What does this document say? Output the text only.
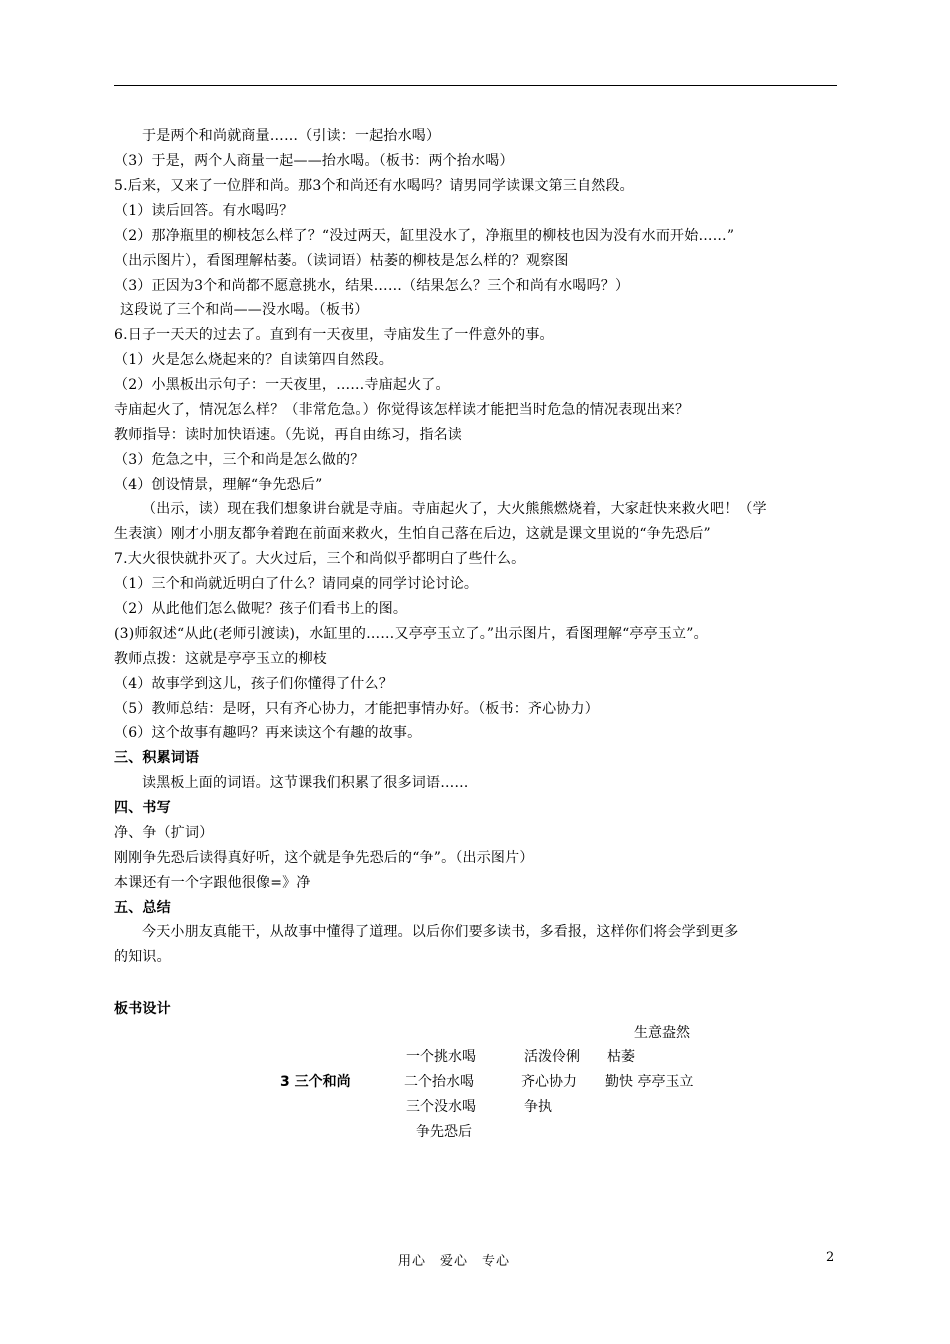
于是两个和尚就商量……（引读：一起抬水喝）
（3）于是，两个人商量一起——抬水喝。（板书：两个抬水喝）
5.后来，又来了一位胖和尚。那3个和尚还有水喝吗？请男同学读课文第三自然段。
（1）读后回答。有水喝吗？
（2）那净瓶里的柳枝怎么样了？“没过两天，缸里没水了，净瓶里的柳枝也因为没有水而开始……”
（出示图片），看图理解枯萎。（读词语）枯萎的柳枝是怎么样的？观察图
（3）正因为3个和尚都不愿意挑水，结果……（结果怎么？三个和尚有水喝吗？）
这段说了三个和尚——没水喝。（板书）
6.日子一天天的过去了。直到有一天夜里，寺庙发生了一件意外的事。
（1）火是怎么烧起来的？自读第四自然段。
（2）小黑板出示句子：一天夜里，……寺庙起火了。
寺庙起火了，情况怎么样？（非常危急。）你觉得该怎样读才能把当时危急的情况表现出来？
教师指导：读时加快语速。（先说，再自由练习，指名读
（3）危急之中，三个和尚是怎么做的？
（4）创设情景，理解“争先恐后”
（出示，读）现在我们想象讲台就是寺庙。寺庙起火了，大火熊熊燃烧着，大家赶快来救火吧！（学
生表演）刚才小朋友都争着跑在前面来救火，生怕自己落在后边，这就是课文里说的“争先恐后”
7.大火很快就扑灭了。大火过后，三个和尚似乎都明白了些什么。
（1）三个和尚就近明白了什么？请同桌的同学讨论讨论。
（2）从此他们怎么做呢？孩子们看书上的图。
(3)师叙述“从此(老师引渡读)，水缸里的……又亭亭玉立了。”出示图片，看图理解“亭亭玉立”。
教师点拨：这就是亭亭玉立的柳枝
（4）故事学到这儿，孩子们你懂得了什么？
（5）教师总结：是呀，只有齐心协力，才能把事情办好。（板书：齐心协力）
（6）这个故事有趣吗？再来读这个有趣的故事。
三、积累词语
读黑板上面的词语。这节课我们积累了很多词语……
四、书写
净、争（扩词）
刚刚争先恐后读得真好听，这个就是争先恐后的“争”。（出示图片）
本课还有一个字跟他很像=》净
五、总结
今天小朋友真能干，从故事中懂得了道理。以后你们要多读书，多看报，这样你们将会学到更多
的知识。
板书设计
生意盎然
一个挑水喝	活泼伶俐 枯萎
3 三个和尚	二个抬水喝	齐心协力 勤快 亭亭玉立
三个没水喝	争执
争先恐后
用心　爱心　专心	2
